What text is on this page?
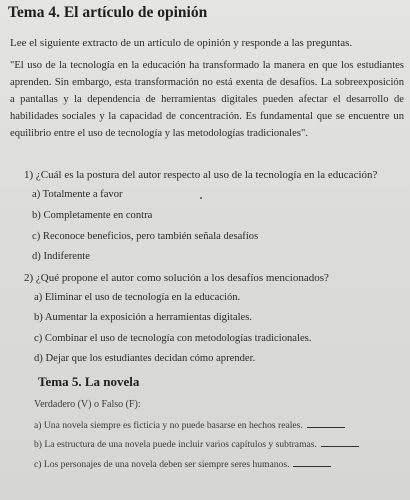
Tema 4. El artículo de opinión

Lee el siguiente extracto de un artículo de opinión y responde a las preguntas.

"El uso de la tecnología en la educación ha transformado la manera en que los estudiantes aprenden. Sin embargo, esta transformación no está exenta de desafíos. La sobreexposición a pantallas y la dependencia de herramientas digitales pueden afectar el desarrollo de habilidades sociales y la capacidad de concentración. Es fundamental que se encuentre un equilibrio entre el uso de tecnología y las metodologías tradicionales".

1) ¿Cuál es la postura del autor respecto al uso de la tecnología en la educación?

a) Totalmente a favor

b) Completamente en contra

c) Reconoce beneficios, pero también señala desafíos

d) Indiferente

2) ¿Qué propone el autor como solución a los desafíos mencionados?

a) Eliminar el uso de tecnología en la educación.

b) Aumentar la exposición a herramientas digitales.

c) Combinar el uso de tecnología con metodologías tradicionales.

d) Dejar que los estudiantes decidan cómo aprender.

Tema 5. La novela

Verdadero (V) o Falso (F):

a) Una novela siempre es ficticia y no puede basarse en hechos reales.

b) La estructura de una novela puede incluir varios capítulos y subtramas.

c) Los personajes de una novela deben ser siempre seres humanos.
